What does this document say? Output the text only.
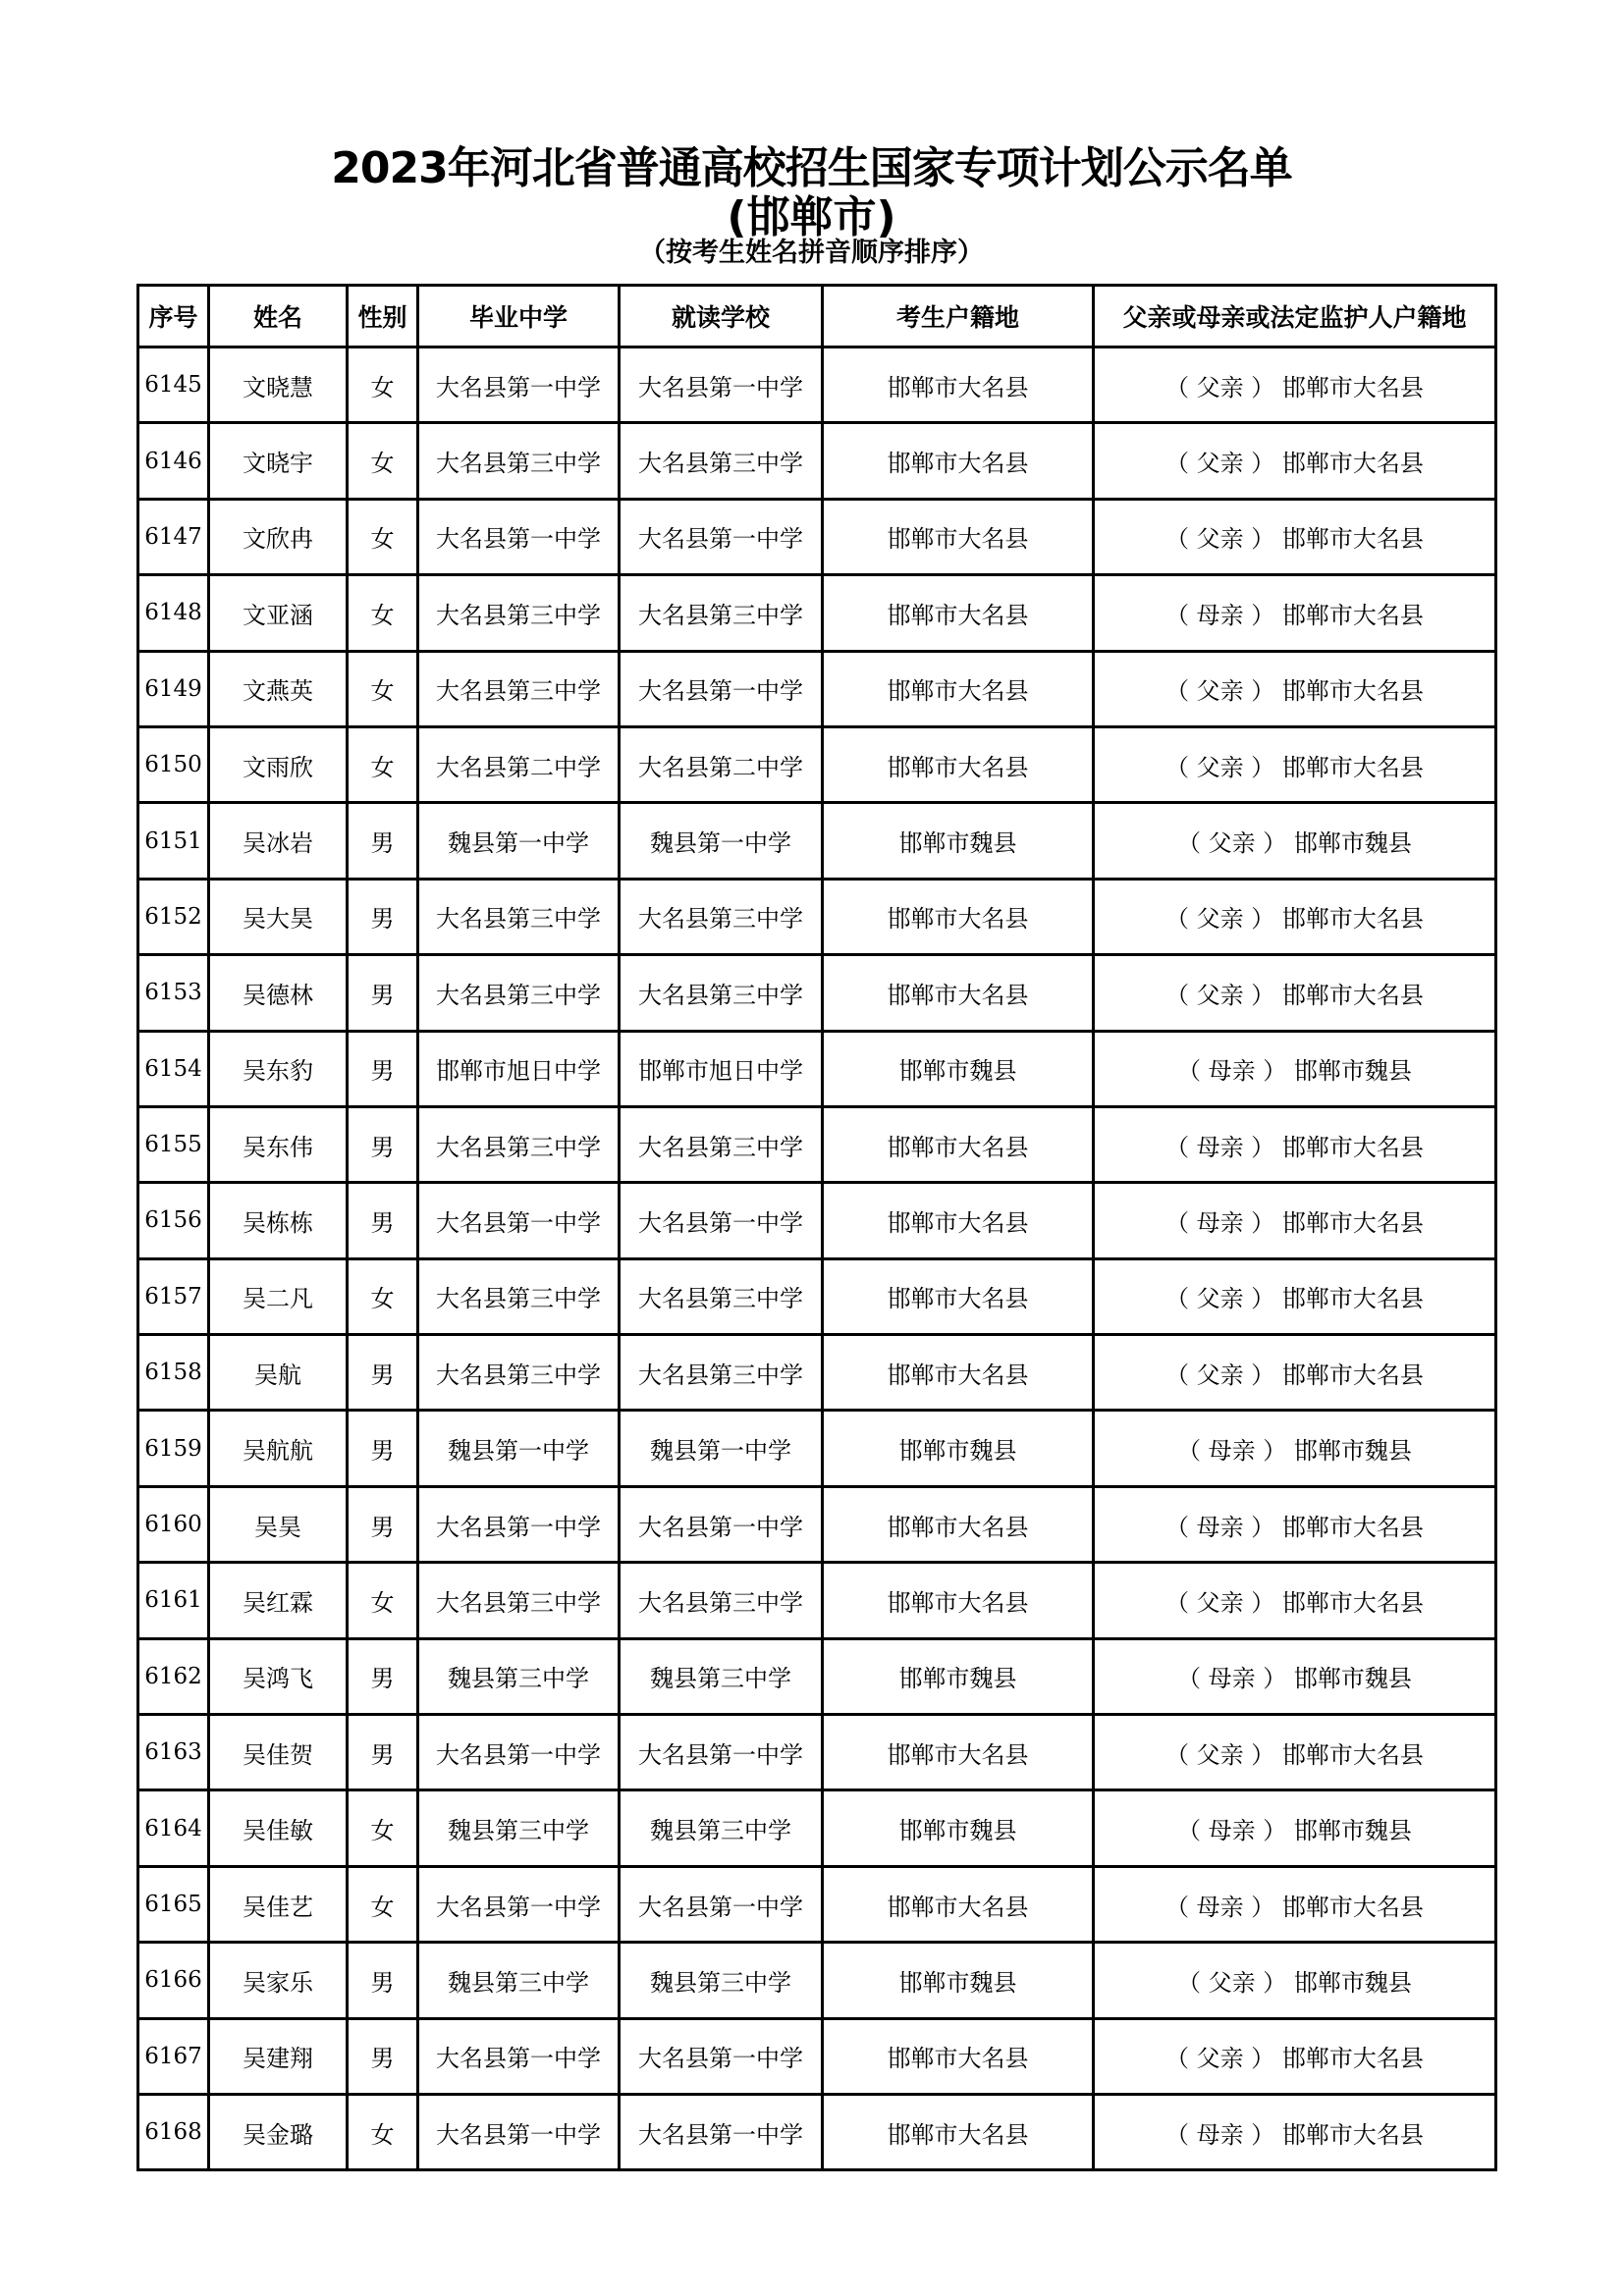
2023年河北省普通高校招生国家专项计划公示名单
(邯郸市)
（按考生姓名拼音顺序排序）
序号	姓名	性别	毕业中学	就读学校	考生户籍地	父亲或母亲或法定监护人户籍地
6145	文晓慧	女	大名县第一中学	大名县第一中学	邯郸市大名县	（ 父亲 ） 邯郸市大名县
6146	文晓宇	女	大名县第三中学	大名县第三中学	邯郸市大名县	（ 父亲 ） 邯郸市大名县
6147	文欣冉	女	大名县第一中学	大名县第一中学	邯郸市大名县	（ 父亲 ） 邯郸市大名县
6148	文亚涵	女	大名县第三中学	大名县第三中学	邯郸市大名县	（ 母亲 ） 邯郸市大名县
6149	文燕英	女	大名县第三中学	大名县第一中学	邯郸市大名县	（ 父亲 ） 邯郸市大名县
6150	文雨欣	女	大名县第二中学	大名县第二中学	邯郸市大名县	（ 父亲 ） 邯郸市大名县
6151	吴冰岩	男	魏县第一中学	魏县第一中学	邯郸市魏县	（ 父亲 ） 邯郸市魏县
6152	吴大昊	男	大名县第三中学	大名县第三中学	邯郸市大名县	（ 父亲 ） 邯郸市大名县
6153	吴德林	男	大名县第三中学	大名县第三中学	邯郸市大名县	（ 父亲 ） 邯郸市大名县
6154	吴东豹	男	邯郸市旭日中学	邯郸市旭日中学	邯郸市魏县	（ 母亲 ） 邯郸市魏县
6155	吴东伟	男	大名县第三中学	大名县第三中学	邯郸市大名县	（ 母亲 ） 邯郸市大名县
6156	吴栋栋	男	大名县第一中学	大名县第一中学	邯郸市大名县	（ 母亲 ） 邯郸市大名县
6157	吴二凡	女	大名县第三中学	大名县第三中学	邯郸市大名县	（ 父亲 ） 邯郸市大名县
6158	吴航	男	大名县第三中学	大名县第三中学	邯郸市大名县	（ 父亲 ） 邯郸市大名县
6159	吴航航	男	魏县第一中学	魏县第一中学	邯郸市魏县	（ 母亲 ） 邯郸市魏县
6160	吴昊	男	大名县第一中学	大名县第一中学	邯郸市大名县	（ 母亲 ） 邯郸市大名县
6161	吴红霖	女	大名县第三中学	大名县第三中学	邯郸市大名县	（ 父亲 ） 邯郸市大名县
6162	吴鸿飞	男	魏县第三中学	魏县第三中学	邯郸市魏县	（ 母亲 ） 邯郸市魏县
6163	吴佳贺	男	大名县第一中学	大名县第一中学	邯郸市大名县	（ 父亲 ） 邯郸市大名县
6164	吴佳敏	女	魏县第三中学	魏县第三中学	邯郸市魏县	（ 母亲 ） 邯郸市魏县
6165	吴佳艺	女	大名县第一中学	大名县第一中学	邯郸市大名县	（ 母亲 ） 邯郸市大名县
6166	吴家乐	男	魏县第三中学	魏县第三中学	邯郸市魏县	（ 父亲 ） 邯郸市魏县
6167	吴建翔	男	大名县第一中学	大名县第一中学	邯郸市大名县	（ 父亲 ） 邯郸市大名县
6168	吴金璐	女	大名县第一中学	大名县第一中学	邯郸市大名县	（ 母亲 ） 邯郸市大名县
